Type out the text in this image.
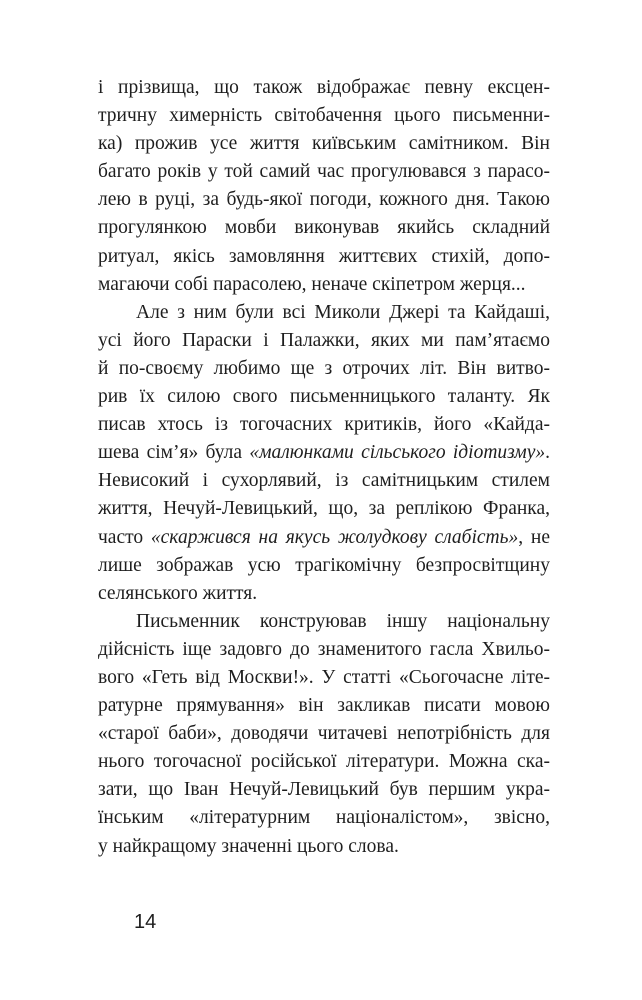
і прізвища, що також відображає певну ексцен-
тричну химерність світобачення цього письменни-
ка) прожив усе життя київським самітником. Він
багато років у той самий час прогулювався з парасо-
лею в руці, за будь-якої погоди, кожного дня. Такою
прогулянкою мовби виконував якийсь складний
ритуал, якісь замовляння життєвих стихій, допо-
магаючи собі парасолею, неначе скіпетром жерця...
Але з ним були всі Миколи Джері та Кайдаші,
усі його Параски і Палажки, яких ми пам’ятаємо
й по-своєму любимо ще з отрочих літ. Він витво-
рив їх силою свого письменницького таланту. Як
писав хтось із тогочасних критиків, його «Кайда-
шева сім’я» була «малюнками сільського ідіотизму».
Невисокий і сухорлявий, із самітницьким стилем
життя, Нечуй-Левицький, що, за реплікою Франка,
часто «скаржився на якусь жолудкову слабість», не
лише зображав усю трагікомічну безпросвітщину
селянського життя.
Письменник конструював іншу національну
дійсність іще задовго до знаменитого гасла Хвильо-
вого «Геть від Москви!». У статті «Сьогочасне літе-
ратурне прямування» він закликав писати мовою
«старої баби», доводячи читачеві непотрібність для
нього тогочасної російської літератури. Можна ска-
зати, що Іван Нечуй-Левицький був першим укра-
їнським «літературним націоналістом», звісно,
у найкращому значенні цього слова.
14
